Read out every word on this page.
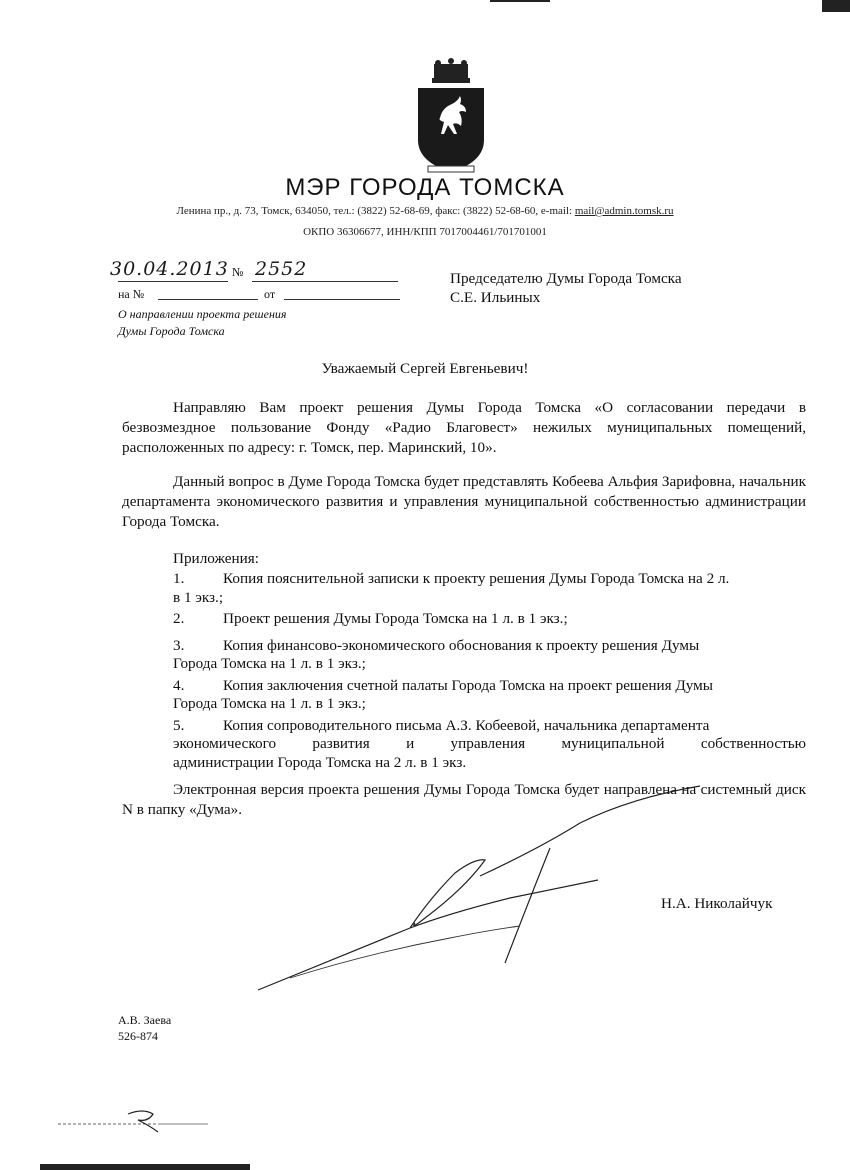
МЭР ГОРОДА ТОМСКА
Ленина пр., д. 73, Томск, 634050, тел.: (3822) 52-68-69, факс: (3822) 52-68-60, e-mail: mail@admin.tomsk.ru
ОКПО 36306677, ИНН/КПП 7017004461/701701001
30.04.2013 № 2552
на №	от
О направлении проекта решения
Думы Города Томска
Председателю Думы Города Томска
С.Е. Ильиных
Уважаемый Сергей Евгеньевич!
Направляю Вам проект решения Думы Города Томска «О согласовании передачи в безвозмездное пользование Фонду «Радио Благовест» нежилых муниципальных помещений, расположенных по адресу: г. Томск, пер. Маринский, 10».
Данный вопрос в Думе Города Томска будет представлять Кобеева Альфия Зарифовна, начальник департамента экономического развития и управления муниципальной собственностью администрации Города Томска.
Приложения:
1.	Копия пояснительной записки к проекту решения Думы Города Томска на 2 л.
в 1 экз.;
2.	Проект решения Думы Города Томска на 1 л. в 1 экз.;
3.	Копия финансово-экономического обоснования к проекту решения Думы
Города Томска на 1 л. в 1 экз.;
4.	Копия заключения счетной палаты Города Томска на проект решения Думы
Города Томска на 1 л. в 1 экз.;
5.	Копия сопроводительного письма А.З. Кобеевой, начальника департамента
экономического развития и управления муниципальной собственностью
администрации Города Томска на 2 л. в 1 экз.
Электронная версия проекта решения Думы Города Томска будет направлена на системный диск N в папку «Дума».
Н.А. Николайчук
А.В. Заева
526-874
